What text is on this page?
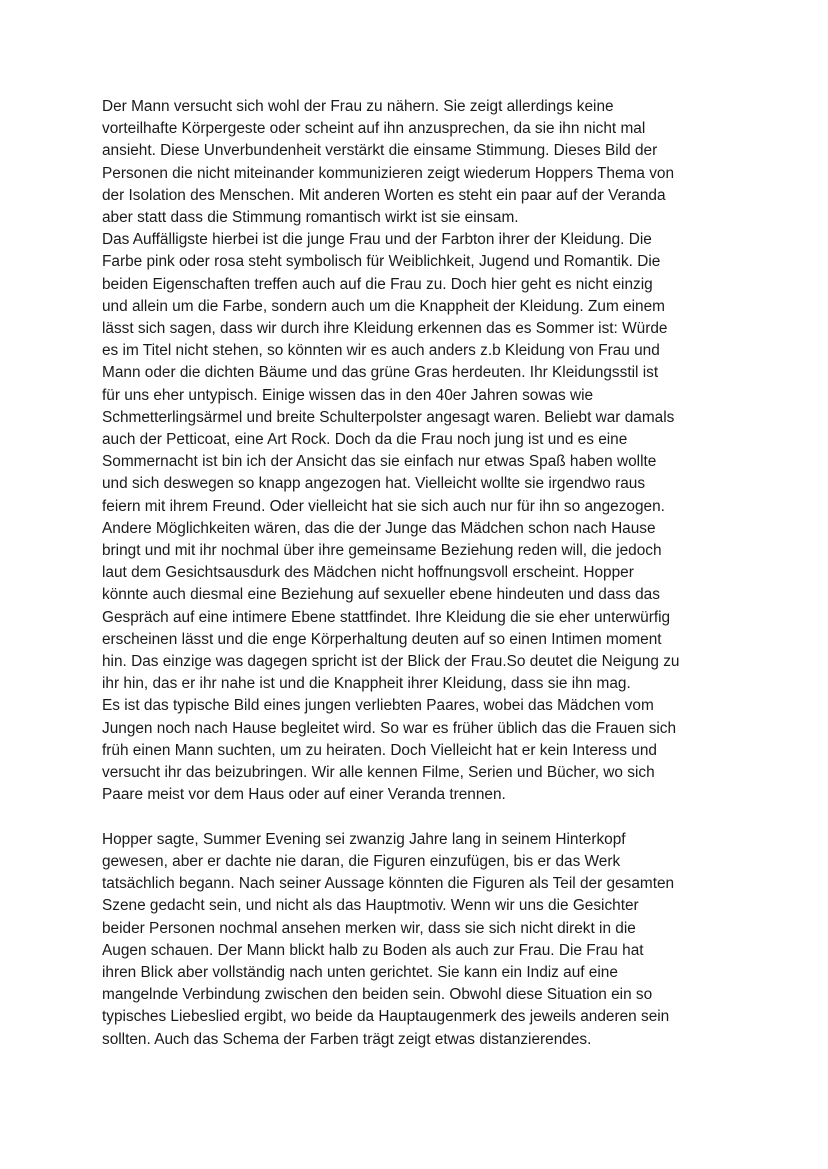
Der Mann versucht sich wohl der Frau zu nähern. Sie zeigt allerdings keine
vorteilhafte Körpergeste oder scheint auf ihn anzusprechen, da sie ihn nicht mal
ansieht. Diese Unverbundenheit verstärkt die einsame Stimmung. Dieses Bild der
Personen die nicht miteinander kommunizieren zeigt wiederum Hoppers Thema von
der Isolation des Menschen. Mit anderen Worten es steht ein paar auf der Veranda
aber statt dass die Stimmung romantisch wirkt ist sie einsam.
Das Auffälligste hierbei ist die junge Frau und der Farbton ihrer der Kleidung. Die
Farbe pink oder rosa steht symbolisch für Weiblichkeit, Jugend und Romantik. Die
beiden Eigenschaften treffen auch auf die Frau zu. Doch hier geht es nicht einzig
und allein um die Farbe, sondern auch um die Knappheit der Kleidung. Zum einem
lässt sich sagen, dass wir durch ihre Kleidung erkennen das es Sommer ist: Würde
es im Titel nicht stehen, so könnten wir es auch anders z.b Kleidung von Frau und
Mann oder die dichten Bäume und das grüne Gras herdeuten. Ihr Kleidungsstil ist
für uns eher untypisch. Einige wissen das in den 40er Jahren sowas wie
Schmetterlingsärmel und breite Schulterpolster angesagt waren. Beliebt war damals
auch der Petticoat, eine Art Rock. Doch da die Frau noch jung ist und es eine
Sommernacht ist bin ich der Ansicht das sie einfach nur etwas Spaß haben wollte
und sich deswegen so knapp angezogen hat. Vielleicht wollte sie irgendwo raus
feiern mit ihrem Freund. Oder vielleicht hat sie sich auch nur für ihn so angezogen.
Andere Möglichkeiten wären, das die der Junge das Mädchen schon nach Hause
bringt und mit ihr nochmal über ihre gemeinsame Beziehung reden will, die jedoch
laut dem Gesichtsausdurk des Mädchen nicht hoffnungsvoll erscheint. Hopper
könnte auch diesmal eine Beziehung auf sexueller ebene hindeuten und dass das
Gespräch auf eine intimere Ebene stattfindet. Ihre Kleidung die sie eher unterwürfig
erscheinen lässt und die enge Körperhaltung deuten auf so einen Intimen moment
hin. Das einzige was dagegen spricht ist der Blick der Frau.So deutet die Neigung zu
ihr hin, das er ihr nahe ist und die Knappheit ihrer Kleidung, dass sie ihn mag.
Es ist das typische Bild eines jungen verliebten Paares, wobei das Mädchen vom
Jungen noch nach Hause begleitet wird. So war es früher üblich das die Frauen sich
früh einen Mann suchten, um zu heiraten. Doch Vielleicht hat er kein Interess und
versucht ihr das beizubringen. Wir alle kennen Filme, Serien und Bücher, wo sich
Paare meist vor dem Haus oder auf einer Veranda trennen.
Hopper sagte, Summer Evening sei zwanzig Jahre lang in seinem Hinterkopf
gewesen, aber er dachte nie daran, die Figuren einzufügen, bis er das Werk
tatsächlich begann. Nach seiner Aussage könnten die Figuren als Teil der gesamten
Szene gedacht sein, und nicht als das Hauptmotiv. Wenn wir uns die Gesichter
beider Personen nochmal ansehen merken wir, dass sie sich nicht direkt in die
Augen schauen. Der Mann blickt halb zu Boden als auch zur Frau. Die Frau hat
ihren Blick aber vollständig nach unten gerichtet. Sie kann ein Indiz auf eine
mangelnde Verbindung zwischen den beiden sein. Obwohl diese Situation ein so
typisches Liebeslied ergibt, wo beide da Hauptaugenmerk des jeweils anderen sein
sollten. Auch das Schema der Farben trägt zeigt etwas distanzierendes.
